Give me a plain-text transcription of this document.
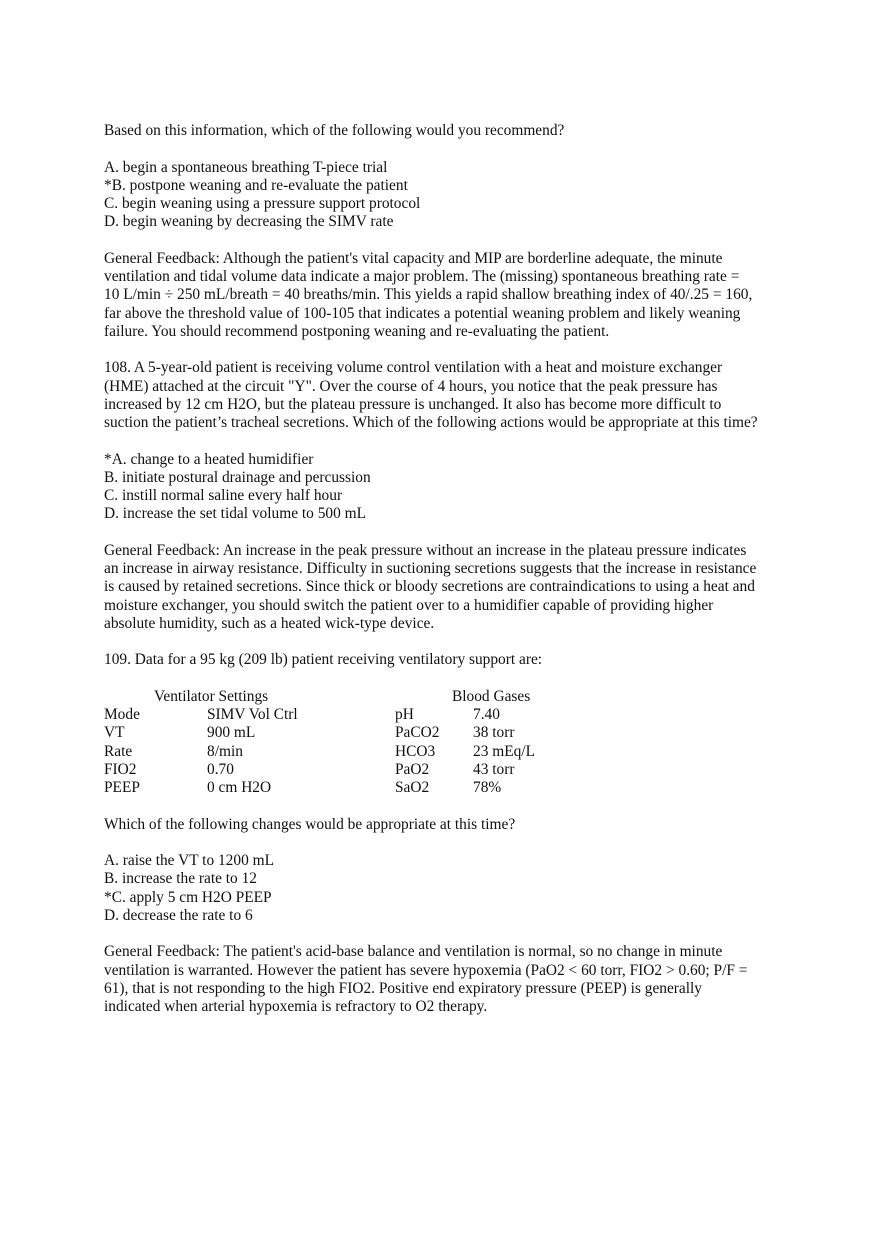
Based on this information, which of the following would you recommend?
A. begin a spontaneous breathing T-piece trial
*B. postpone weaning and re-evaluate the patient
C. begin weaning using a pressure support protocol
D. begin weaning by decreasing the SIMV rate
General Feedback: Although the patient's vital capacity and MIP are borderline adequate, the minute
ventilation and tidal volume data indicate a major problem. The (missing) spontaneous breathing rate =
10 L/min ÷ 250 mL/breath = 40 breaths/min. This yields a rapid shallow breathing index of 40/.25 = 160,
far above the threshold value of 100-105 that indicates a potential weaning problem and likely weaning
failure. You should recommend postponing weaning and re-evaluating the patient.
108. A 5-year-old patient is receiving volume control ventilation with a heat and moisture exchanger
(HME) attached at the circuit "Y". Over the course of 4 hours, you notice that the peak pressure has
increased by 12 cm H2O, but the plateau pressure is unchanged. It also has become more difficult to
suction the patient’s tracheal secretions. Which of the following actions would be appropriate at this time?
*A. change to a heated humidifier
B. initiate postural drainage and percussion
C. instill normal saline every half hour
D. increase the set tidal volume to 500 mL
General Feedback: An increase in the peak pressure without an increase in the plateau pressure indicates
an increase in airway resistance. Difficulty in suctioning secretions suggests that the increase in resistance
is caused by retained secretions. Since thick or bloody secretions are contraindications to using a heat and
moisture exchanger, you should switch the patient over to a humidifier capable of providing higher
absolute humidity, such as a heated wick-type device.
109. Data for a 95 kg (209 lb) patient receiving ventilatory support are:
Ventilator Settings	Blood Gases
Mode	SIMV Vol Ctrl	pH	7.40
VT	900 mL	PaCO2 38 torr
Rate	8/min	HCO3 23 mEq/L
FIO2	0.70	PaO2	43 torr
PEEP	0 cm H2O	SaO2	78%
Which of the following changes would be appropriate at this time?
A. raise the VT to 1200 mL
B. increase the rate to 12
*C. apply 5 cm H2O PEEP
D. decrease the rate to 6
General Feedback: The patient's acid-base balance and ventilation is normal, so no change in minute
ventilation is warranted. However the patient has severe hypoxemia (PaO2 < 60 torr, FIO2 > 0.60; P/F =
61), that is not responding to the high FIO2. Positive end expiratory pressure (PEEP) is generally
indicated when arterial hypoxemia is refractory to O2 therapy.
